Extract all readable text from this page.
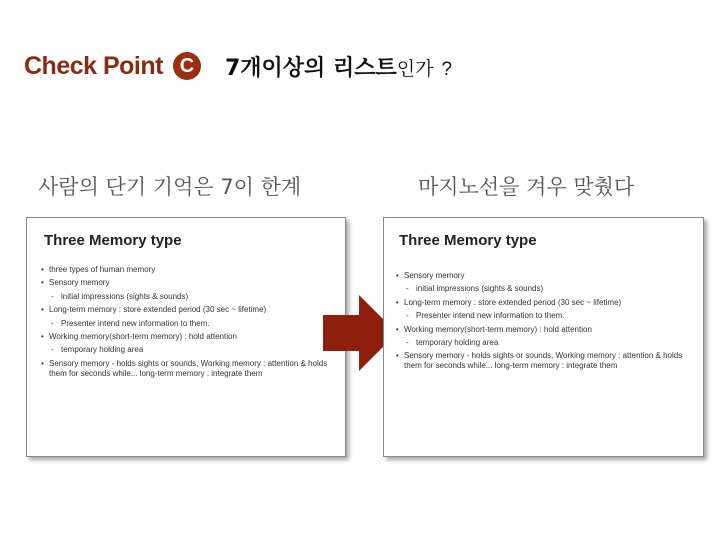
Check Point C	7개이상의 리스트 인가 ?
사람의 단기 기억은 7이 한계	마지노선을 겨우 맞췄다
Three Memory type
• three types of human memory
• Sensory memory
- initial impressions (sights & sounds)
• Long-term memory : store extended period (30 sec ~ lifetime)
- Presenter intend new information to them.
• Working memory(short-term memory) : hold attention
- temporary holding area
• Sensory memory - holds sights or sounds, Working memory : attention & holds
them for seconds while... long-term memory : integrate them
Three Memory type
• Sensory memory
- initial impressions (sights & sounds)
• Long-term memory : store extended period (30 sec ~ lifetime)
- Presenter intend new information to them.
• Working memory(short-term memory) : hold attention
- temporary holding area
• Sensory memory - holds sights or sounds, Working memory : attention & holds
them for seconds while... long-term memory : integrate them
